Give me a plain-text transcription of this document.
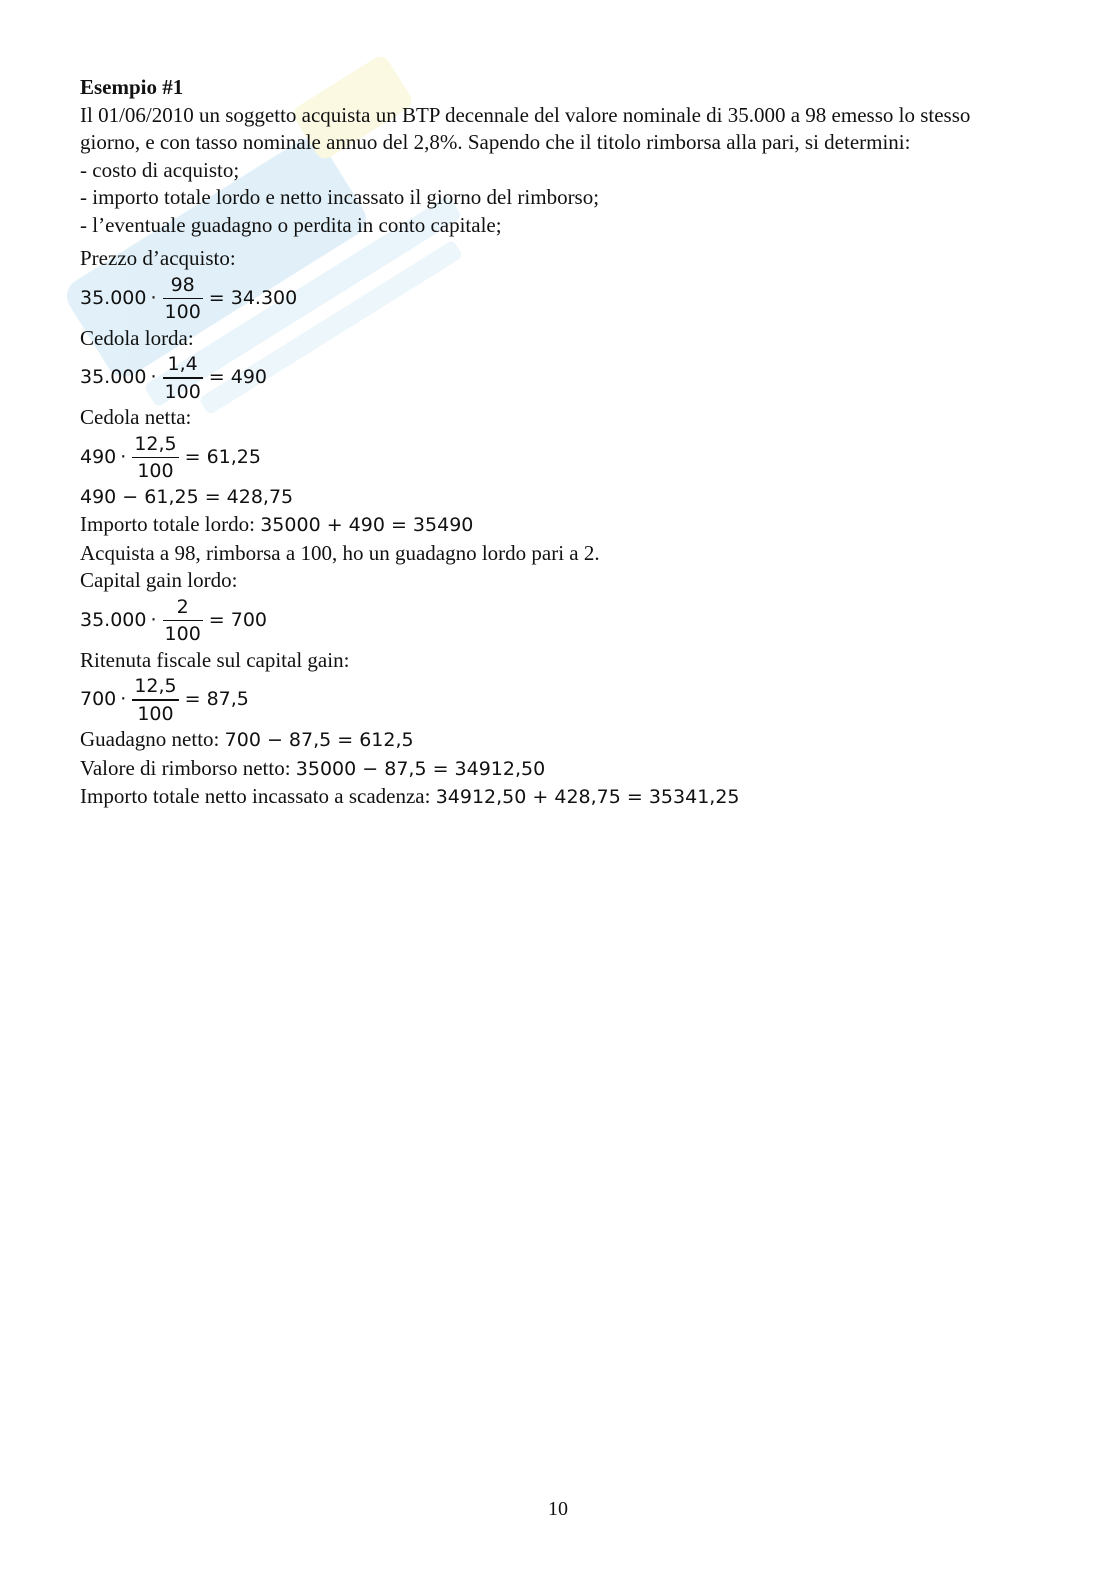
Esempio #1

Il 01/06/2010 un soggetto acquista un BTP decennale del valore nominale di 35.000 a 98 emesso lo stesso

giorno, e con tasso nominale annuo del 2,8%. Sapendo che il titolo rimborsa alla pari, si determini:

- costo di acquisto;

- importo totale lordo e netto incassato il giorno del rimborso;

- l’eventuale guadagno o perdita in conto capitale;

Prezzo d’acquisto:

$35.000 \cdot \frac{98}{100} = 34.300$

Cedola lorda:

$35.000 \cdot \frac{1,4}{100} = 490$

Cedola netta:

$490 \cdot \frac{12,5}{100} = 61,25$

490 − 61,25 = 428,75

Importo totale lordo: 35000 + 490 = 35490

Acquista a 98, rimborsa a 100, ho un guadagno lordo pari a 2.

Capital gain lordo:

$35.000 \cdot \frac{2}{100} = 700$

Ritenuta fiscale sul capital gain:

$700 \cdot \frac{12,5}{100} = 87,5$

Guadagno netto: 700 − 87,5 = 612,5

Valore di rimborso netto: 35000 − 87,5 = 34912,50

Importo totale netto incassato a scadenza: 34912,50 + 428,75 = 35341,25

10
